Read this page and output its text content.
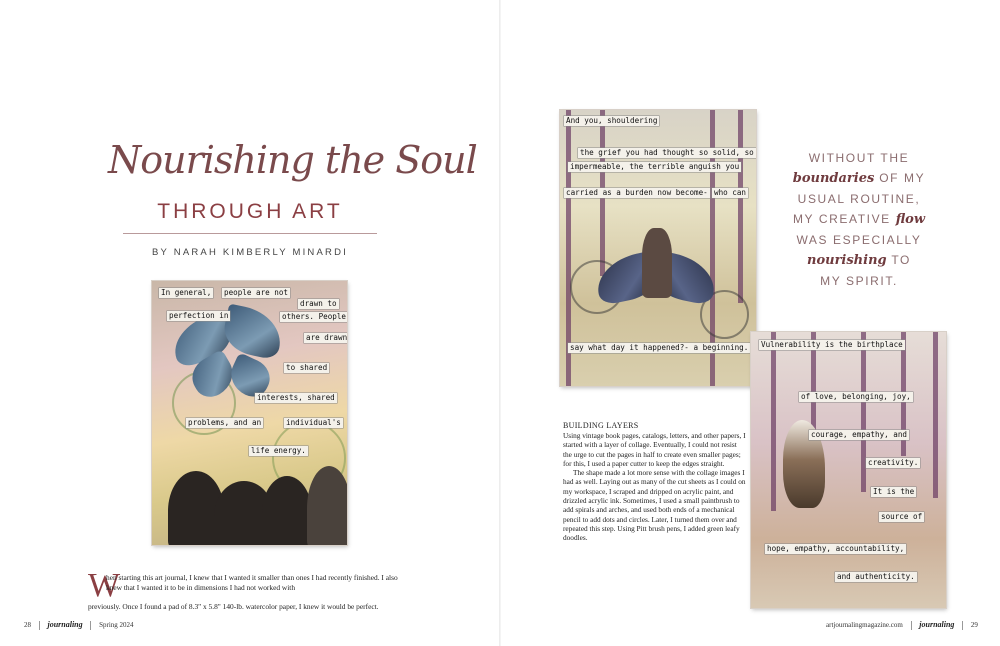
Nourishing the Soul
THROUGH ART
BY NARAH KIMBERLY MINARDI
In general, people are not
drawn to
perfection in	others. People
are drawn
to shared
interests, shared
problems, and an	individual's
life energy.
W
hen starting this art journal, I knew that I wanted it smaller than ones I had recently finished. I also knew that I wanted it to be in dimensions I had not worked with
previously. Once I found a pad of 8.3" x 5.8" 140-lb. watercolor paper, I knew it would be perfect.
28 journaling Spring 2024
And you, shouldering
the grief you had thought so solid, so
impermeable, the terrible anguish you
carried as a burden now become- who can
say what day it happened?- a beginning.
WITHOUT THE
boundaries OF MY
USUAL ROUTINE,
MY CREATIVE flow
WAS ESPECIALLY
nourishing TO
MY SPIRIT.
Vulnerability is the birthplace
of love, belonging, joy,
courage, empathy, and
creativity.
It is the
source of
hope, empathy, accountability,
and authenticity.
BUILDING LAYERS

Using vintage book pages, catalogs, letters, and other papers, I started with a layer of collage. Eventually, I could not resist the urge to cut the pages in half to create even smaller pages; for this, I used a paper cutter to keep the edges straight.

The shape made a lot more sense with the collage images I had as well. Laying out as many of the cut sheets as I could on my workspace, I scraped and dripped on acrylic paint, and drizzled acrylic ink. Sometimes, I used a small paintbrush to add spirals and arches, and used both ends of a mechanical pencil to add dots and circles. Later, I turned them over and repeated this step. Using Pitt brush pens, I added green leafy doodles.

artjournalingmagazine.com journaling 29
